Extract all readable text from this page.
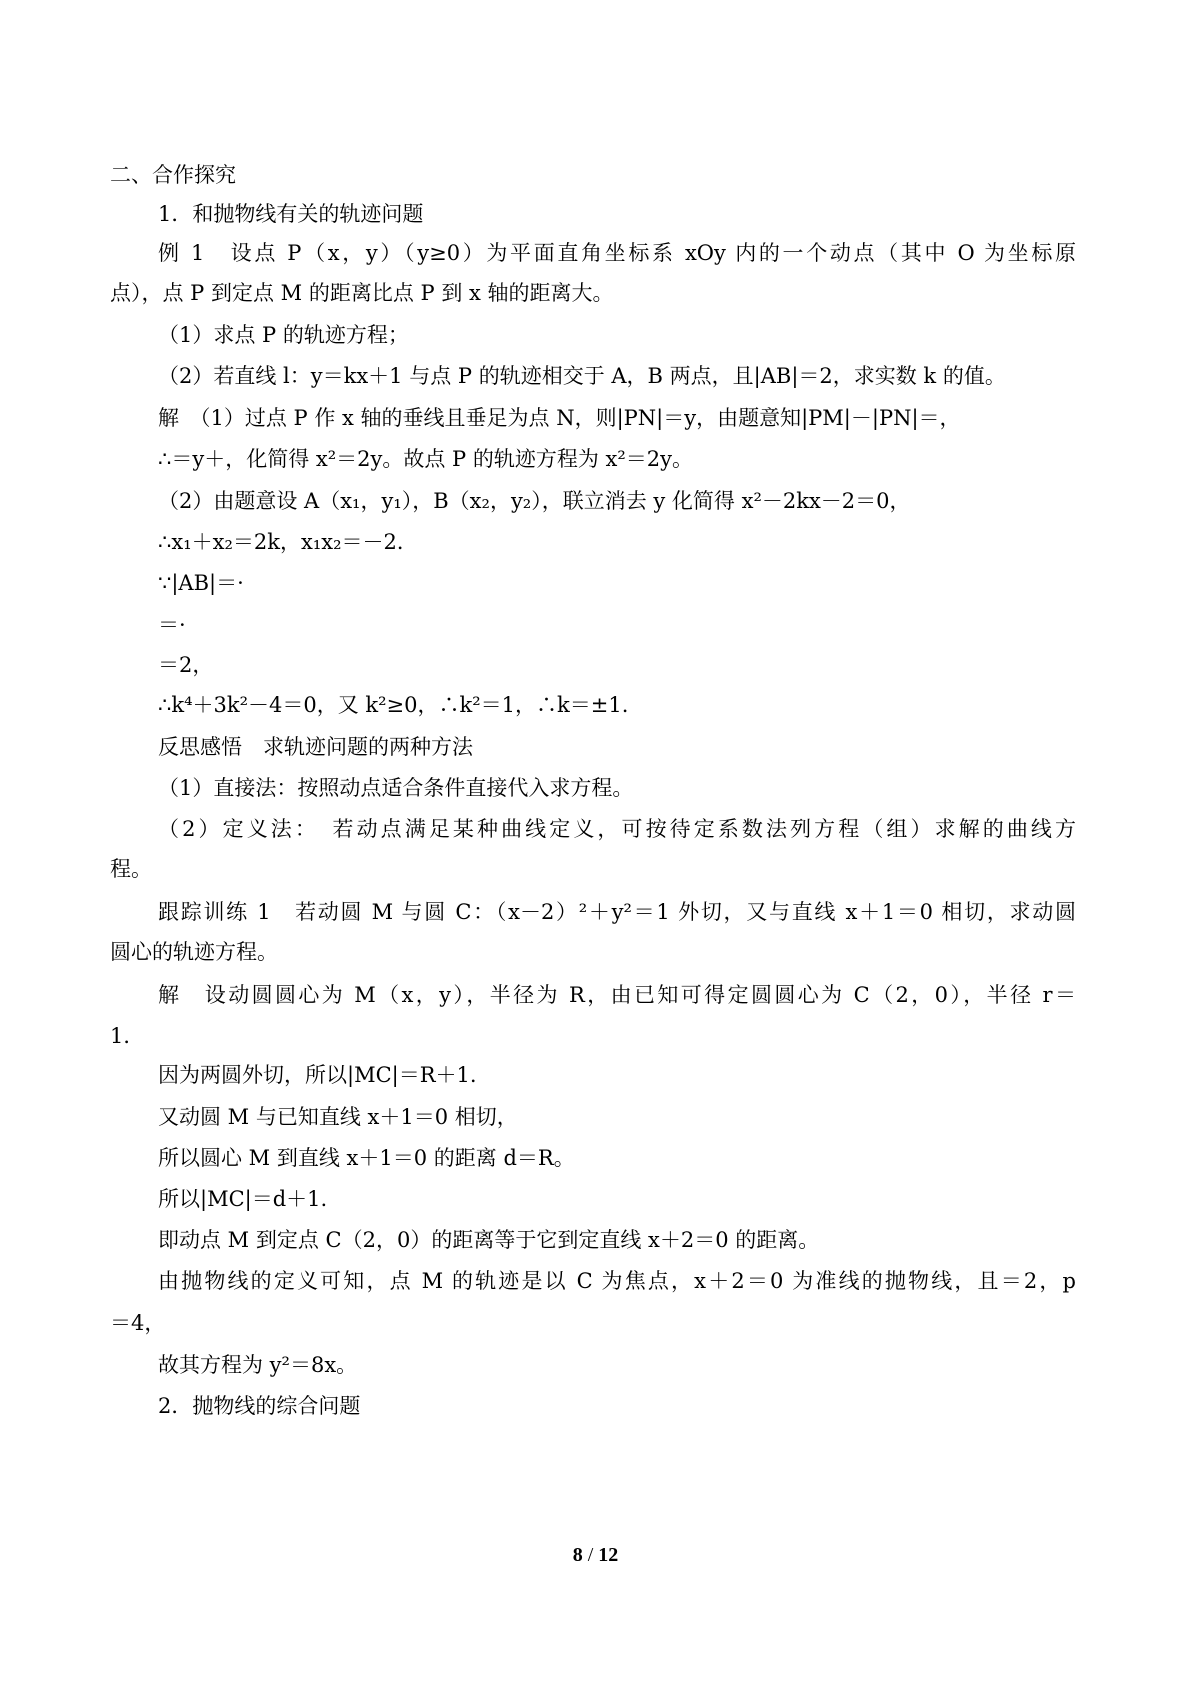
二、合作探究
1．和抛物线有关的轨迹问题
例 1　设点 P（x，y）（y≥0）为平面直角坐标系 xOy 内的一个动点（其中 O 为坐标原
点），点 P 到定点 M 的距离比点 P 到 x 轴的距离大。
（1）求点 P 的轨迹方程；
（2）若直线 l：y＝kx＋1 与点 P 的轨迹相交于 A，B 两点，且|AB|＝2，求实数 k 的值。
解　（1）过点 P 作 x 轴的垂线且垂足为点 N，则|PN|＝y，由题意知|PM|－|PN|＝，
∴＝y＋，化简得 x²＝2y。故点 P 的轨迹方程为 x²＝2y。
（2）由题意设 A（x₁，y₁），B（x₂，y₂），联立消去 y 化简得 x²－2kx－2＝0，
∴x₁＋x₂＝2k，x₁x₂＝－2．
∵|AB|＝·
＝·
＝2，
∴k⁴＋3k²－4＝0，又 k²≥0，∴k²＝1，∴k＝±1.
反思感悟　求轨迹问题的两种方法
（1）直接法：按照动点适合条件直接代入求方程。
（2）定义法：　若动点满足某种曲线定义，可按待定系数法列方程（组）求解的曲线方
程。
跟踪训练 1　若动圆 M 与圆 C：（x－2）²＋y²＝1 外切，又与直线 x＋1＝0 相切，求动圆
圆心的轨迹方程。
解　设动圆圆心为 M（x，y），半径为 R，由已知可得定圆圆心为 C（2，0），半径 r＝
1．
因为两圆外切，所以|MC|＝R＋1.
又动圆 M 与已知直线 x＋1＝0 相切，
所以圆心 M 到直线 x＋1＝0 的距离 d＝R。
所以|MC|＝d＋1.
即动点 M 到定点 C（2，0）的距离等于它到定直线 x＋2＝0 的距离。
由抛物线的定义可知，点 M 的轨迹是以 C 为焦点，x＋2＝0 为准线的抛物线，且＝2，p
＝4，
故其方程为 y²＝8x。
2．抛物线的综合问题
8 / 12
